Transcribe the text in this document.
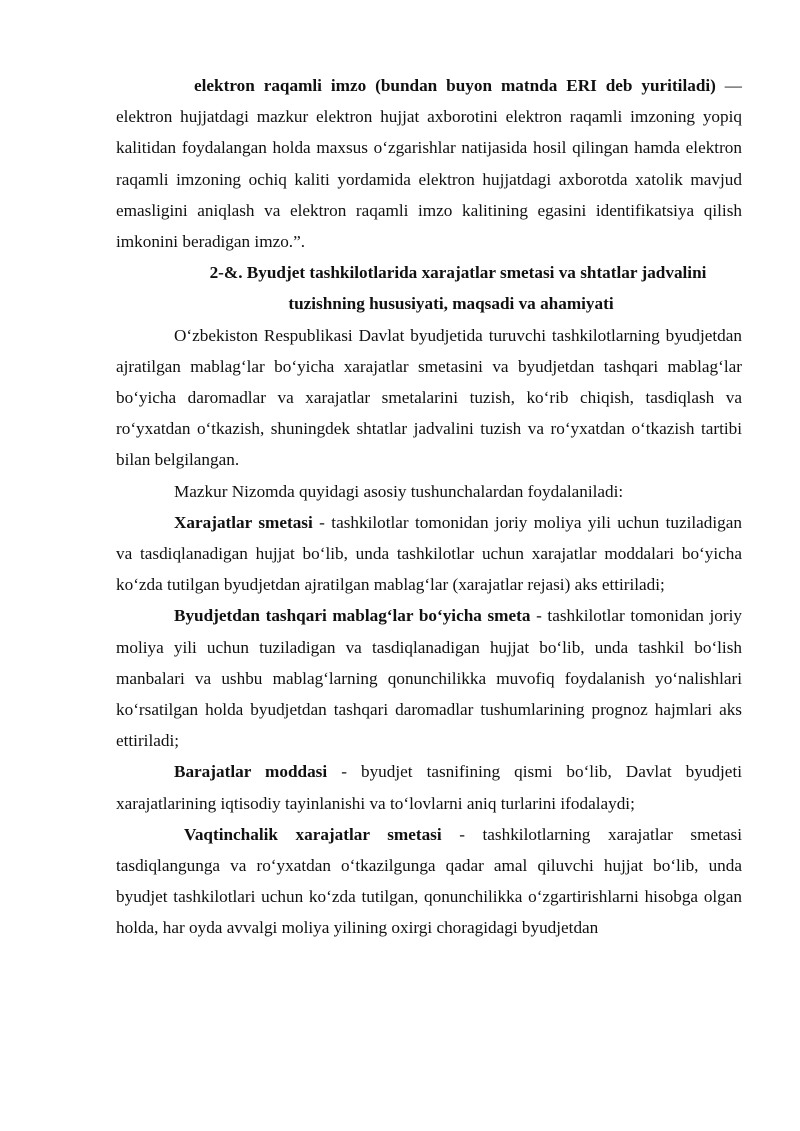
elektron raqamli imzo (bundan buyon matnda ERI deb yuritiladi) — elektron hujjatdagi mazkur elektron hujjat axborotini elektron raqamli imzoning yopiq kalitidan foydalangan holda maxsus o‘zgarishlar natijasida hosil qilingan hamda elektron raqamli imzoning ochiq kaliti yordamida elektron hujjatdagi axborotda xatolik mavjud emasligini aniqlash va elektron raqamli imzo kalitining egasini identifikatsiya qilish imkonini beradigan imzo.”.

2-&. Byudjet tashkilotlarida xarajatlar smetasi va shtatlar jadvalini
tuzishning hususiyati, maqsadi va ahamiyati

O‘zbekiston Respublikasi Davlat byudjetida turuvchi tashkilotlarning byudjetdan ajratilgan mablag‘lar bo‘yicha xarajatlar smetasini va byudjetdan tashqari mablag‘lar bo‘yicha daromadlar va xarajatlar smetalarini tuzish, ko‘rib chiqish, tasdiqlash va ro‘yxatdan o‘tkazish, shuningdek shtatlar jadvalini tuzish va ro‘yxatdan o‘tkazish tartibi bilan belgilangan.

Mazkur Nizomda quyidagi asosiy tushunchalardan foydalaniladi:

Xarajatlar smetasi - tashkilotlar tomonidan joriy moliya yili uchun tuziladigan va tasdiqlanadigan hujjat bo‘lib, unda tashkilotlar uchun xarajatlar moddalari bo‘yicha ko‘zda tutilgan byudjetdan ajratilgan mablag‘lar (xarajatlar rejasi) aks ettiriladi;

Byudjetdan tashqari mablag‘lar bo‘yicha smeta - tashkilotlar tomonidan joriy moliya yili uchun tuziladigan va tasdiqlanadigan hujjat bo‘lib, unda tashkil bo‘lish manbalari va ushbu mablag‘larning qonunchilikka muvofiq foydalanish yo‘nalishlari ko‘rsatilgan holda byudjetdan tashqari daromadlar tushumlarining prognoz hajmlari aks ettiriladi;

Barajatlar moddasi - byudjet tasnifining qismi bo‘lib, Davlat byudjeti xarajatlarining iqtisodiy tayinlanishi va to‘lovlarni aniq turlarini ifodalaydi;

Vaqtinchalik xarajatlar smetasi - tashkilotlarning xarajatlar smetasi tasdiqlangunga va ro‘yxatdan o‘tkazilgunga qadar amal qiluvchi hujjat bo‘lib, unda byudjet tashkilotlari uchun ko‘zda tutilgan, qonunchilikka o‘zgartirishlarni hisobga olgan holda, har oyda avvalgi moliya yilining oxirgi choragidagi byudjetdan
